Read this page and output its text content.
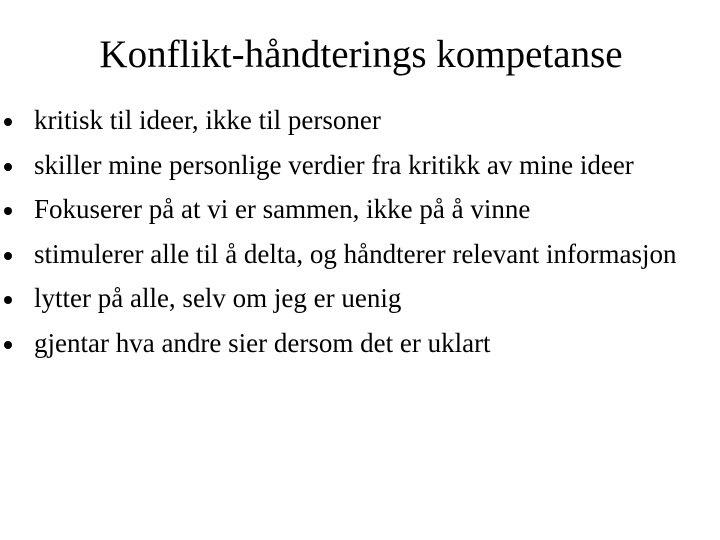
Konflikt-håndterings kompetanse
kritisk til ideer, ikke til personer
skiller mine personlige verdier fra kritikk av mine ideer
Fokuserer på at vi er sammen, ikke på å vinne
stimulerer alle til å delta, og håndterer relevant informasjon
lytter på alle, selv om jeg er uenig
gjentar hva andre sier dersom det er uklart
